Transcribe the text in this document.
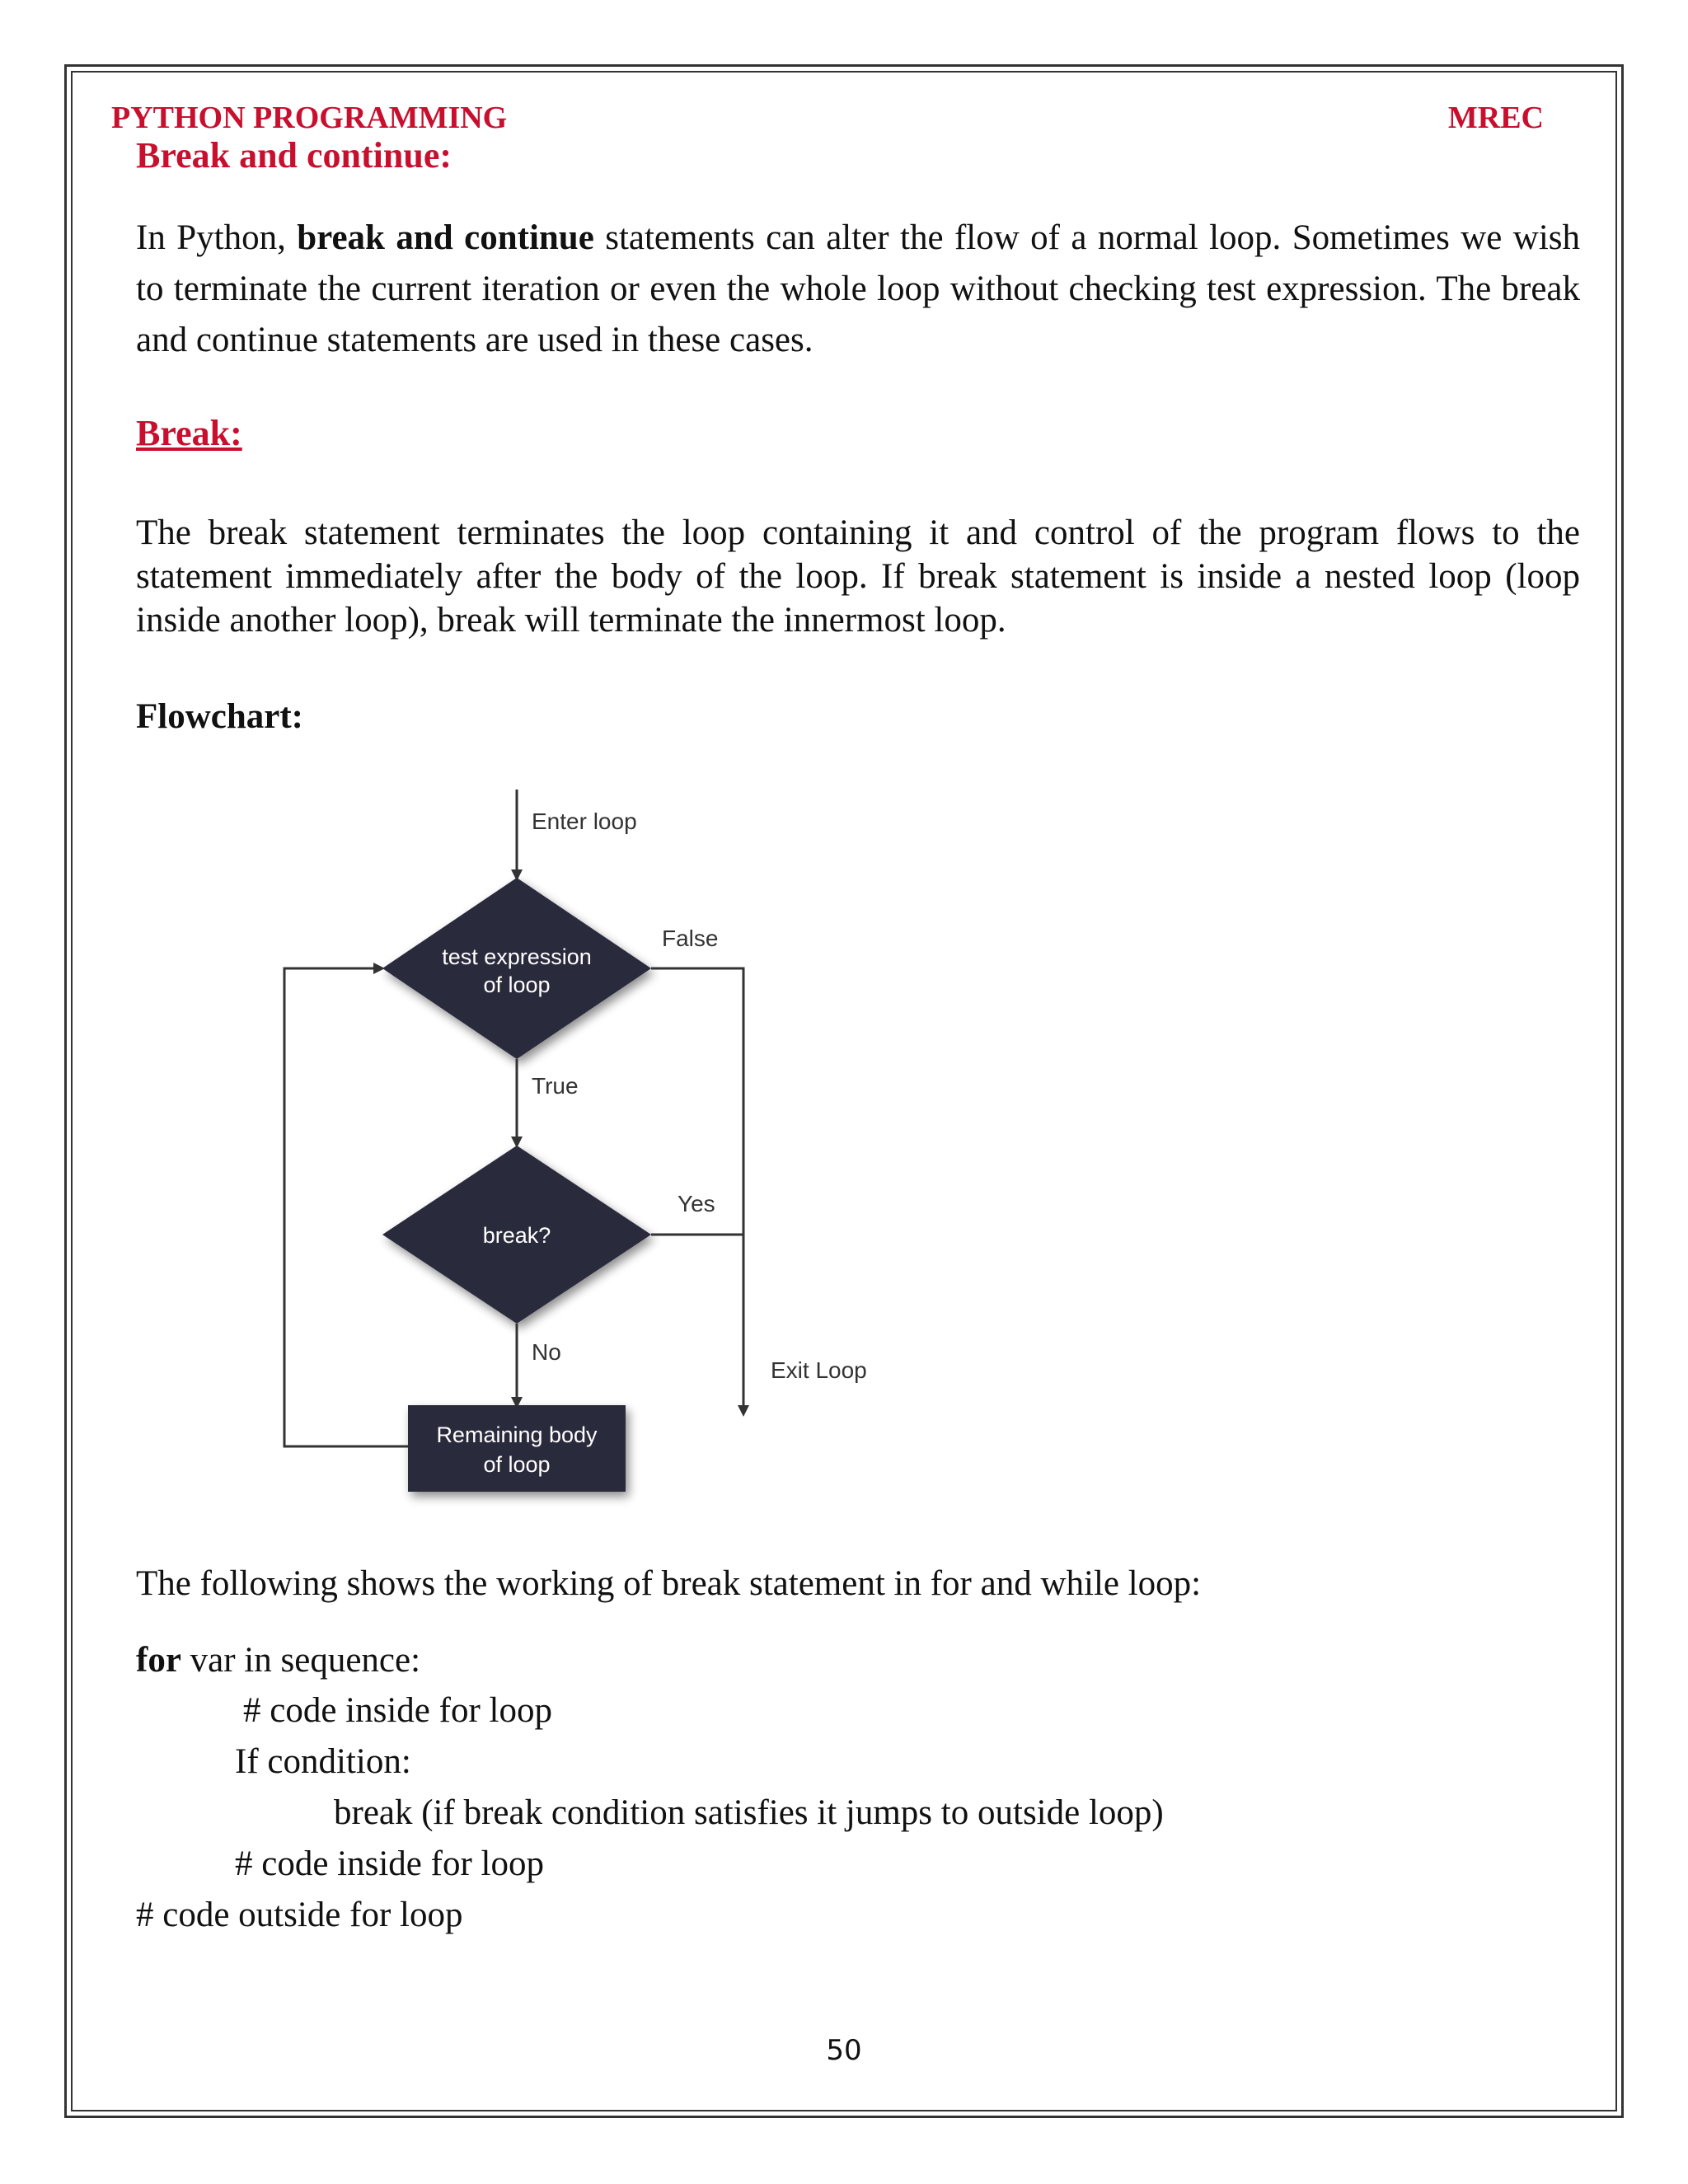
PYTHON PROGRAMMING	MREC
Break and continue:
In Python, break and continue statements can alter the flow of a normal loop. Sometimes we wish to terminate the current iteration or even the whole loop without checking test expression. The break and continue statements are used in these cases.
Break:
The break statement terminates the loop containing it and control of the program flows to the statement immediately after the body of the loop. If break statement is inside a nested loop (loop inside another loop), break will terminate the innermost loop.
Flowchart:
Enter loop
test expression
of loop
False
True
break?
Yes
Exit Loop
No
Remaining body
of loop
The following shows the working of break statement in for and while loop:
for var in sequence:
# code inside for loop
If condition:
break (if break condition satisfies it jumps to outside loop)
# code inside for loop
# code outside for loop
50
